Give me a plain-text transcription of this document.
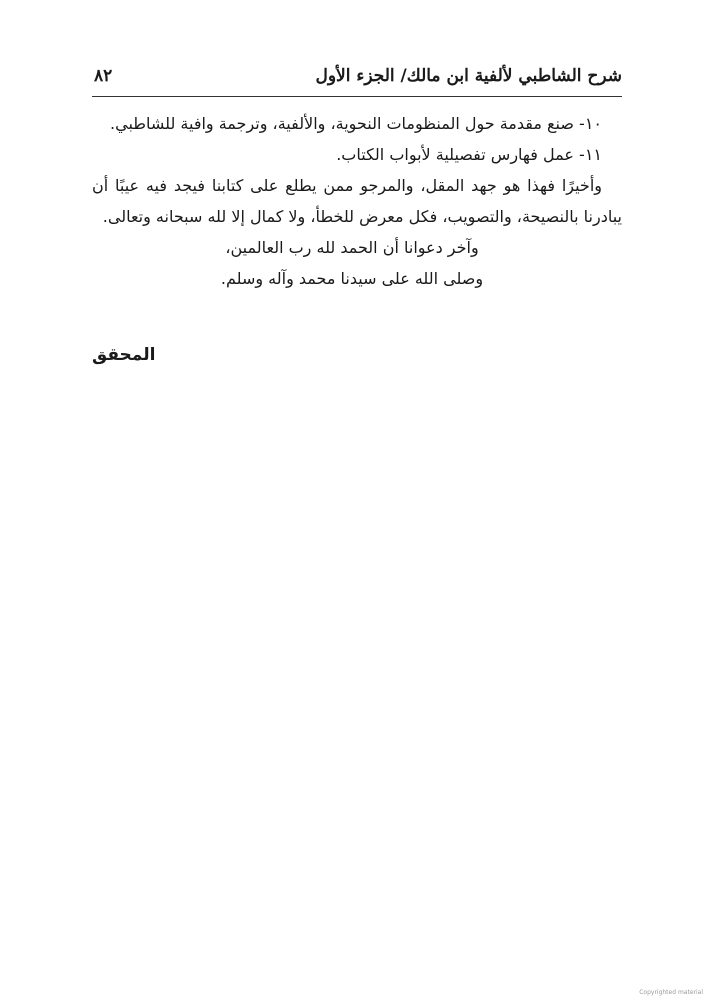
شرح الشاطبي لألفية ابن مالك/ الجزء الأول
٨٢

١٠- صنع مقدمة حول المنظومات النحوية، والألفية، وترجمة وافية للشاطبي.

١١- عمل فهارس تفصيلية لأبواب الكتاب.

وأخيرًا فهذا هو جهد المقل، والمرجو ممن يطلع على كتابنا فيجد فيه عيبًا أن يبادرنا بالنصيحة، والتصويب، فكل معرض للخطأ، ولا كمال إلا لله سبحانه وتعالى.

وآخر دعوانا أن الحمد لله رب العالمين،

وصلى الله على سيدنا محمد وآله وسلم.

المحقق
Copyrighted material
